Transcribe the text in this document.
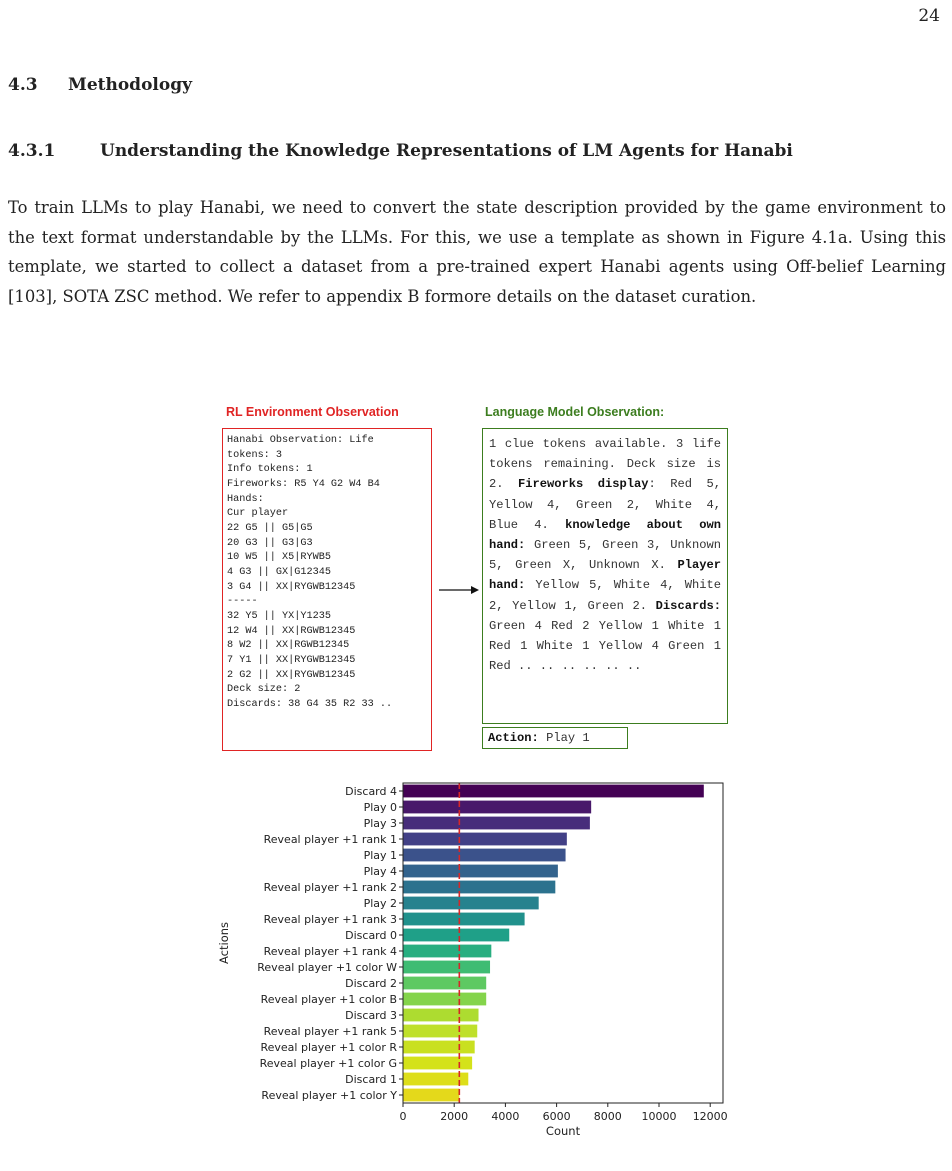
24
4.3 Methodology
4.3.1	Understanding the Knowledge Representations of LM Agents for Hanabi

To train LLMs to play Hanabi, we need to convert the state description provided by the game environment to the text format understandable by the LLMs. For this, we use a template as shown in Figure 4.1a. Using this template, we started to collect a dataset from a pre-trained expert Hanabi agents using Off-belief Learning [103], SOTA ZSC method. We refer to appendix B formore details on the dataset curation.

RL Environment Observation
Hanabi Observation: Life
tokens: 3
Info tokens: 1
Fireworks: R5 Y4 G2 W4 B4
Hands:
Cur player
22 G5 || G5|G5
20 G3 || G3|G3
10 W5 || X5|RYWB5
4 G3 || GX|G12345
3 G4 || XX|RYGWB12345
-----
32 Y5 || YX|Y1235
12 W4 || XX|RGWB12345
8 W2 || XX|RGWB12345
7 Y1 || XX|RYGWB12345
2 G2 || XX|RYGWB12345
Deck size: 2
Discards: 38 G4 35 R2 33 ..
Language Model Observation:

1 clue tokens available. 3 life tokens remaining. Deck size is 2. Fireworks display: Red 5, Yellow 4, Green 2, White 4, Blue 4. knowledge about own hand: Green 5, Green 3, Unknown 5, Green X, Unknown X. Player hand: Yellow 5, White 4, White 2, Yellow 1, Green 2. Discards: Green 4 Red 2 Yellow 1 White 1 Red 1 White 1 Yellow 4 Green 1 Red .. .. .. .. .. ..

Action: Play 1
Discard 4
Play 0
Play 3
Reveal player +1 rank 1
Play 1
Play 4
Reveal player +1 rank 2
Play 2
Reveal player +1 rank 3
Discard 0
Reveal player +1 rank 4
Reveal player +1 color W
Discard 2
Reveal player +1 color B
Discard 3
Reveal player +1 rank 5
Reveal player +1 color R
Reveal player +1 color G
Discard 1
Reveal player +1 color Y
0	2000 4000 6000 8000 10000 12000
Count
Actions
